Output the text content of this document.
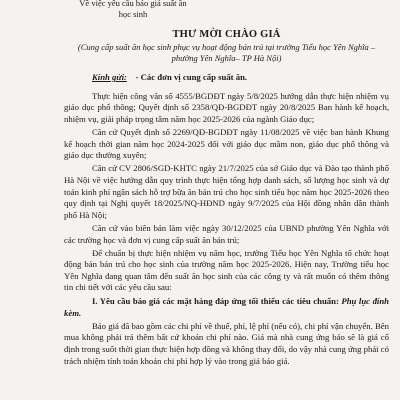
Về việc yêu cầu báo giá suất ăn
học sinh
THƯ MỜI CHÀO GIÁ
(Cung cấp suất ăn học sinh phục vụ hoạt động bán trú tại trường Tiểu học Yên Nghĩa – phường Yên Nghĩa– TP Hà Nội)
Kính gửi: - Các đơn vị cung cấp suất ăn.

Thực hiện công văn số 4555/BGDĐT ngày 5/8/2025 hướng dẫn thực hiện nhiệm vụ giáo dục phổ thông; Quyết định số 2358/QĐ-BGDĐT ngày 20/8/2025 Ban hành kế hoạch, nhiệm vụ, giải pháp trọng tâm năm học 2025-2026 của ngành Giáo dục;

Căn cứ Quyết định số 2269/QĐ-BGDĐT ngày 11/08/2025 về việc ban hành Khung kế hoạch thời gian năm học 2024-2025 đối với giáo dục mầm non, giáo dục phổ thông và giáo dục thường xuyên;

Căn cứ CV 2806/SGD-KHTC ngày 21/7/2025 của sở Giáo dục và Đào tạo thành phố Hà Nội về việc hướng dẫn quy trình thực hiện tổng hợp danh sách, số lượng học sinh và dự toán kinh phí ngân sách hỗ trợ bữa ăn bán trú cho học sinh tiểu học năm học 2025-2026 theo quy định tại Nghị quyết 18/2025/NQ-HĐND ngày 9/7/2025 của Hội đồng nhân dân thành phố Hà Nội;

Căn cứ vào biên bản làm việc ngày 30/12/2025 của UBND phường Yên Nghĩa với các trường học và đơn vị cung cấp suất ăn bán trú;

Để chuẩn bị thực hiện nhiệm vụ năm học, trường Tiểu học Yên Nghĩa tổ chức hoạt động bán bán trú cho học sinh của trường năm học 2025-2026. Hiện nay, Trường tiểu học Yên Nghĩa đang quan tâm đến suất ăn học sinh của các công ty và rất muốn có thêm thông tin chi tiết với các yêu cầu sau:

I. Yêu cầu báo giá các mặt hàng đáp ứng tối thiểu các tiêu chuẩn: Phụ lục đính kèm.

Báo giá đã bao gồm các chi phí về thuế, phí, lệ phí (nếu có), chi phí vận chuyển. Bên mua không phải trả thêm bất cứ khoản chi phí nào. Giá mà nhà cung ứng báo sẽ là giá cố định trong suốt thời gian thực hiện hợp đồng và không thay đổi, do vậy nhà cung ứng phải có trách nhiệm tính toán khoản chi phí hợp lý vào trong giá báo giá.
